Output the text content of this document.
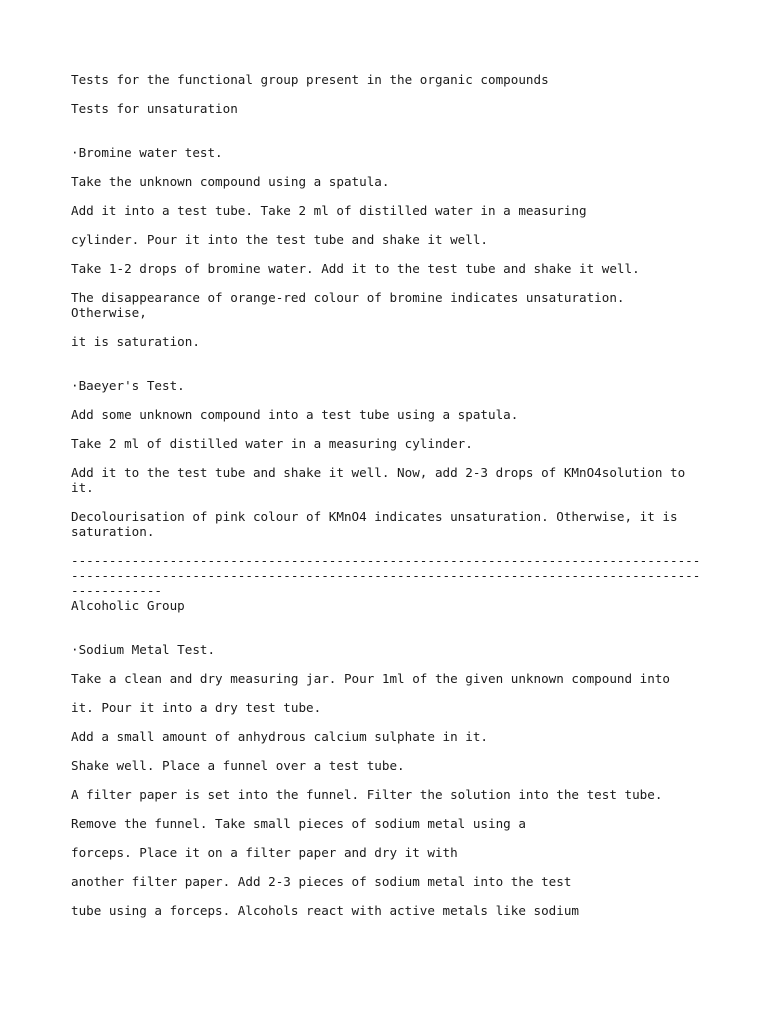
Tests for the functional group present in the organic compounds

Tests for unsaturation

·Bromine water test.

Take the unknown compound using a spatula.

Add it into a test tube. Take 2 ml of distilled water in a measuring

cylinder. Pour it into the test tube and shake it well.

Take 1-2 drops of bromine water. Add it to the test tube and shake it well.

The disappearance of orange-red colour of bromine indicates unsaturation. Otherwise,

it is saturation.

·Baeyer's Test.

Add some unknown compound into a test tube using a spatula.

Take 2 ml of distilled water in a measuring cylinder.

Add it to the test tube and shake it well. Now, add 2-3 drops of KMnO4solution to it.

Decolourisation of pink colour of KMnO4 indicates unsaturation. Otherwise, it is saturation.

----------------------------------------------------------------------------------------------------------------------------------------------------------------------------------

Alcoholic Group

·Sodium Metal Test.

Take a clean and dry measuring jar. Pour 1ml of the given unknown compound into

it. Pour it into a dry test tube.

Add a small amount of anhydrous calcium sulphate in it.

Shake well. Place a funnel over a test tube.

A filter paper is set into the funnel. Filter the solution into the test tube.

Remove the funnel. Take small pieces of sodium metal using a

forceps. Place it on a filter paper and dry it with

another filter paper. Add 2-3 pieces of sodium metal into the test

tube using a forceps. Alcohols react with active metals like sodium
